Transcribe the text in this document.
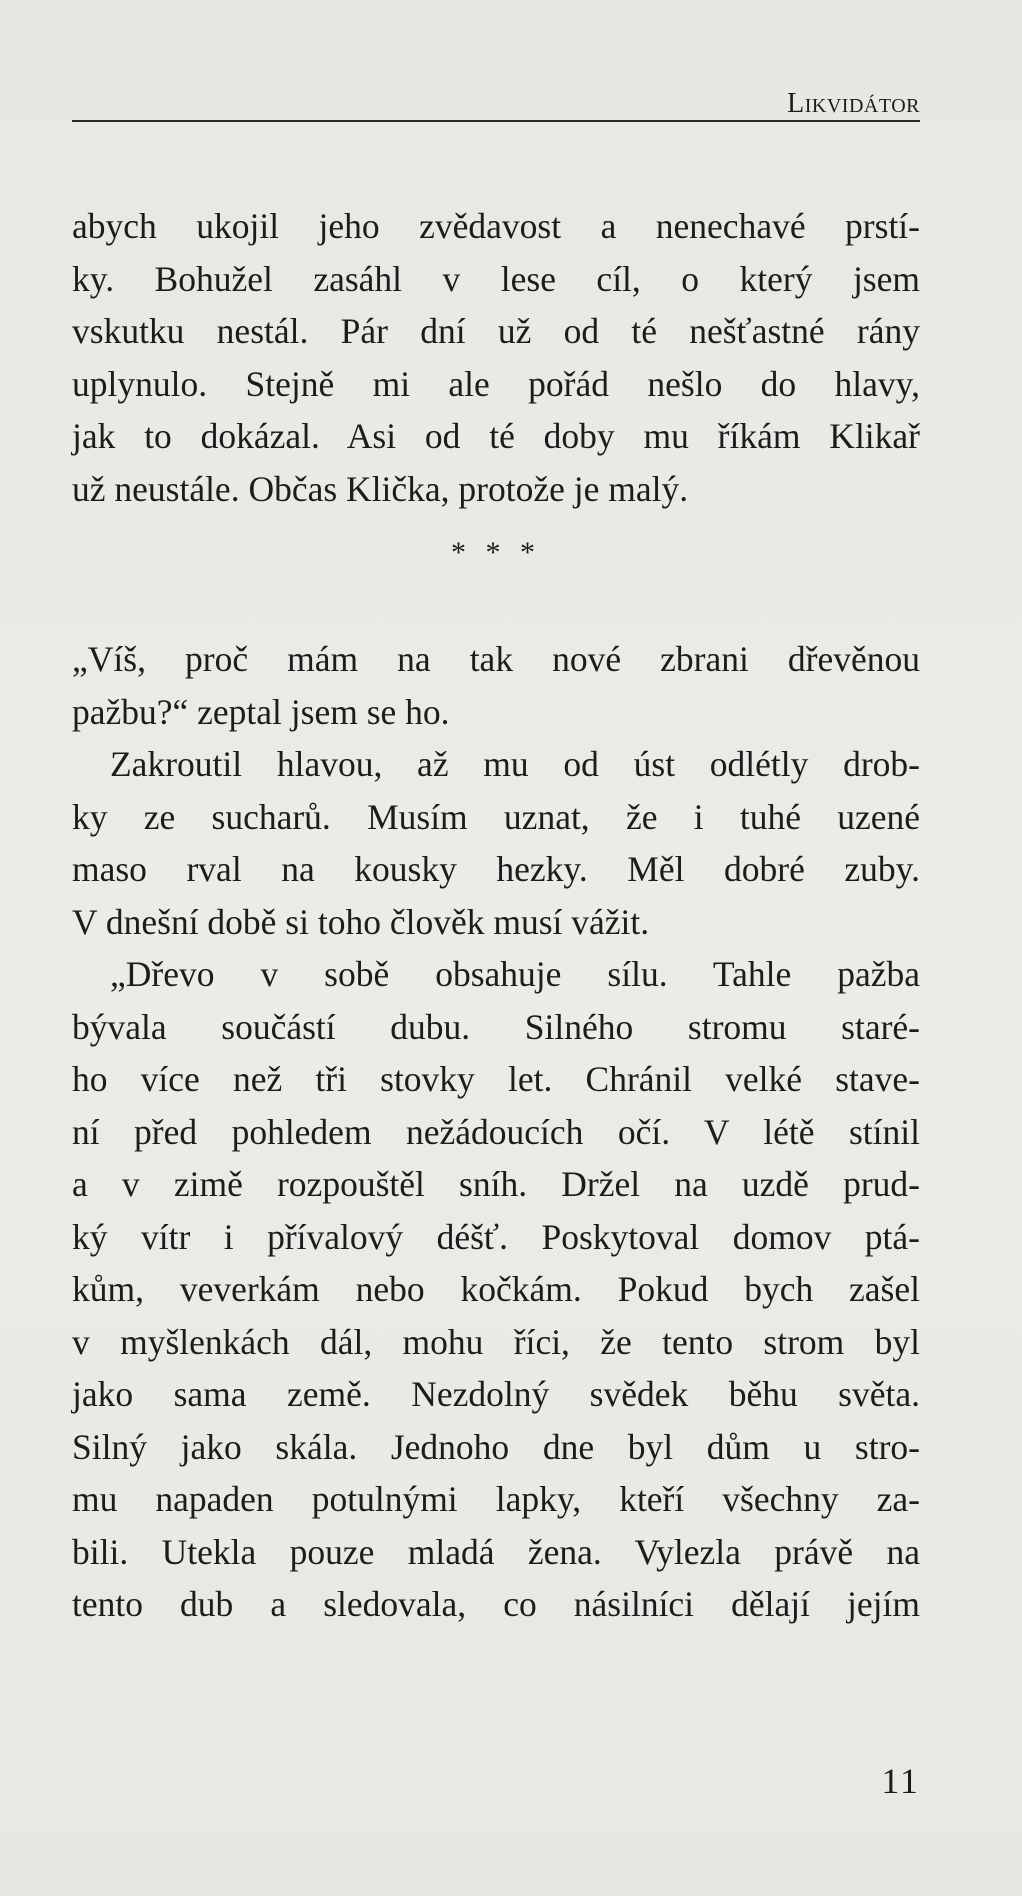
Likvidátor
abych ukojil jeho zvědavost a nenechavé prstí-
ky. Bohužel zasáhl v lese cíl, o který jsem
vskutku nestál. Pár dní už od té nešťastné rány
uplynulo. Stejně mi ale pořád nešlo do hlavy,
jak to dokázal. Asi od té doby mu říkám Klikař
už neustále. Občas Klička, protože je malý.
* * *
„Víš, proč mám na tak nové zbrani dřevěnou
pažbu?“ zeptal jsem se ho.
Zakroutil hlavou, až mu od úst odlétly drob-
ky ze sucharů. Musím uznat, že i tuhé uzené
maso rval na kousky hezky. Měl dobré zuby.
V dnešní době si toho člověk musí vážit.
„Dřevo v sobě obsahuje sílu. Tahle pažba
bývala součástí dubu. Silného stromu staré-
ho více než tři stovky let. Chránil velké stave-
ní před pohledem nežádoucích očí. V létě stínil
a v zimě rozpouštěl sníh. Držel na uzdě prud-
ký vítr i přívalový déšť. Poskytoval domov ptá-
kům, veverkám nebo kočkám. Pokud bych zašel
v myšlenkách dál, mohu říci, že tento strom byl
jako sama země. Nezdolný svědek běhu světa.
Silný jako skála. Jednoho dne byl dům u stro-
mu napaden potulnými lapky, kteří všechny za-
bili. Utekla pouze mladá žena. Vylezla právě na
tento dub a sledovala, co násilníci dělají jejím
11
